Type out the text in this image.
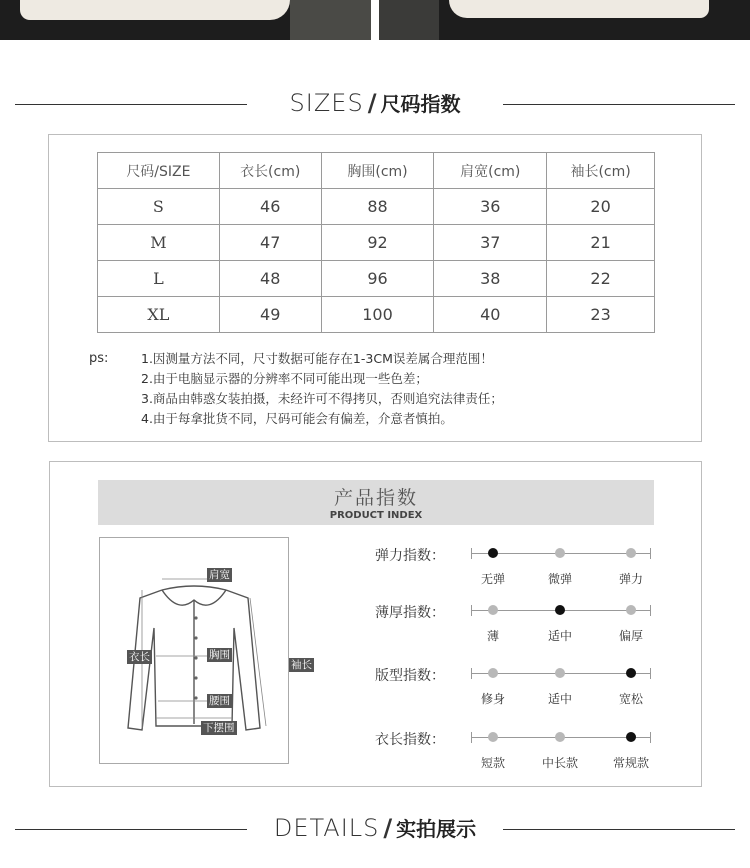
SIZES / 尺码指数
尺码/SIZE	衣长(cm)	胸围(cm)	肩宽(cm)	袖长(cm)
S	46	88	36	20
M	47	92	37	21
L	48	96	38	22
XL	49	100	40	23
ps:	1.因测量方法不同，尺寸数据可能存在1-3CM误差属合理范围！
2.由于电脑显示器的分辨率不同可能出现一些色差；
3.商品由韩惑女装拍摄，未经许可不得拷贝，否则追究法律责任；
4.由于每拿批货不同，尺码可能会有偏差，介意者慎拍。
产品指数
PRODUCT INDEX
肩宽
衣长	胸围
袖长
腰围
下摆围
弹力指数：
无弹	微弹	弹力
薄厚指数：
薄	适中	偏厚
版型指数：
修身	适中	宽松
衣长指数：
短款	中长款	常规款
DETAILS / 实拍展示
